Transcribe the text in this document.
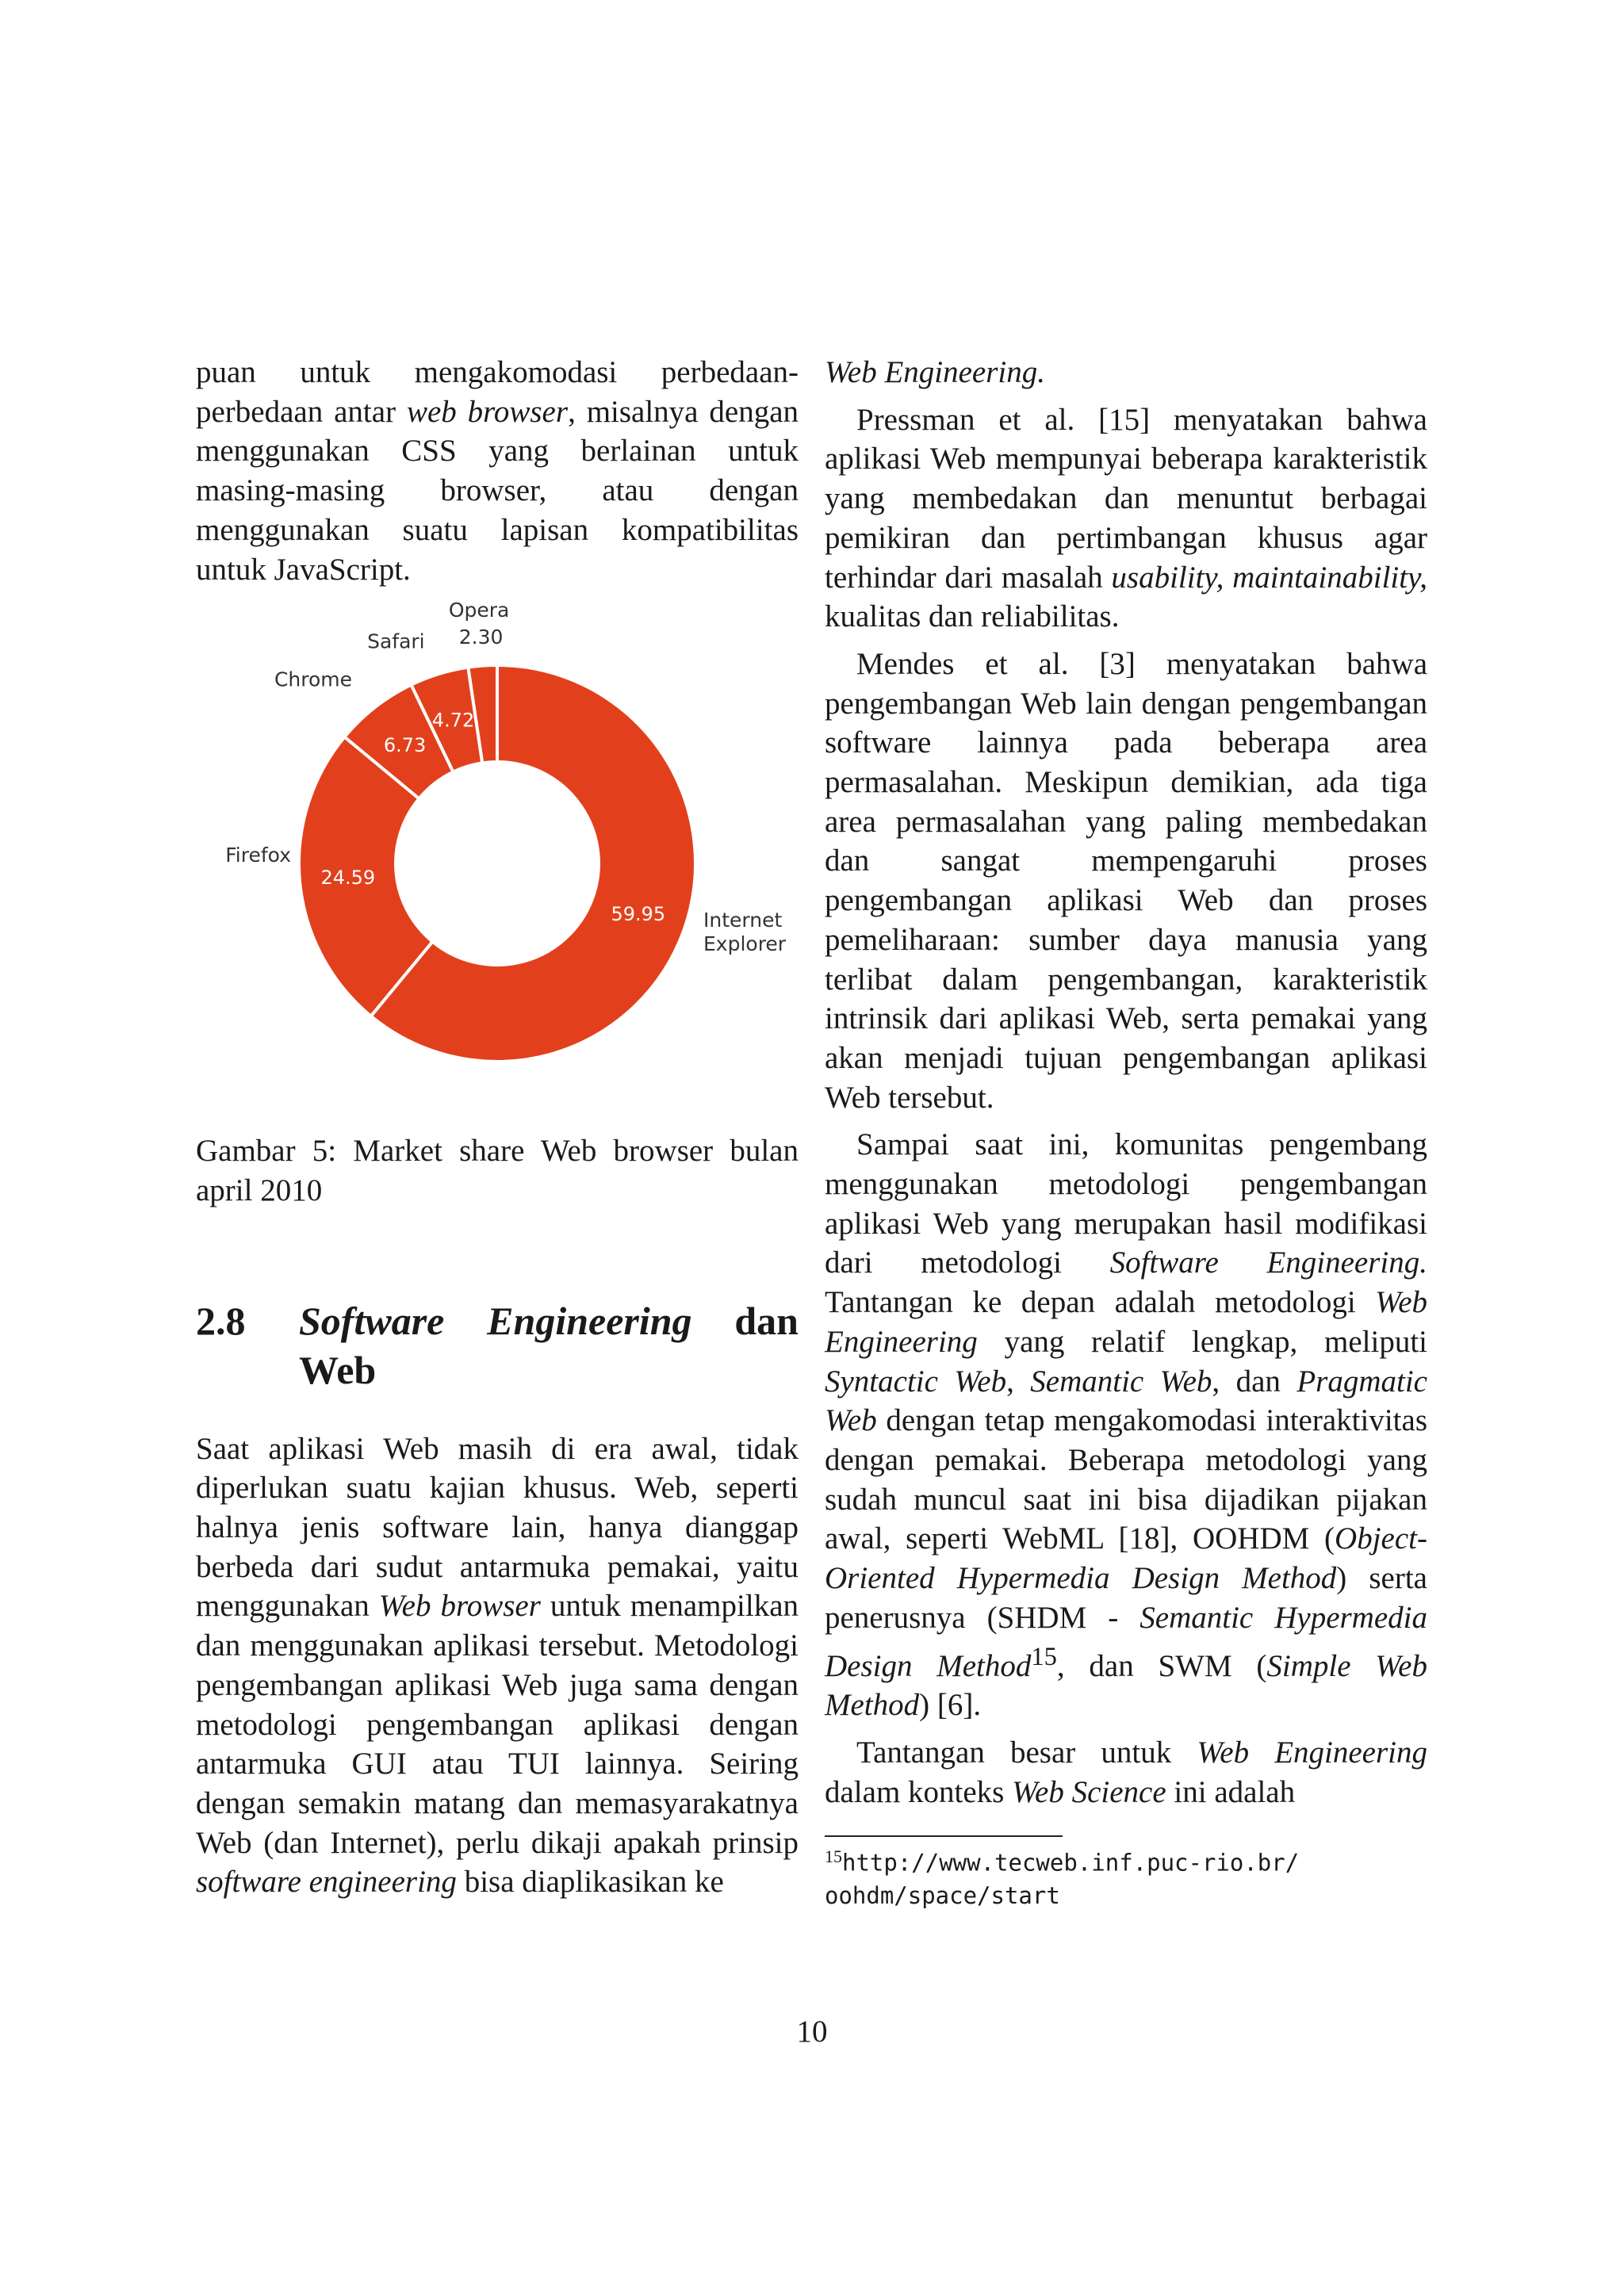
puan untuk mengakomodasi perbedaan-perbedaan antar web browser, misalnya dengan menggunakan CSS yang berlainan untuk masing-masing browser, atau dengan menggunakan suatu lapisan kompatibilitas untuk JavaScript.

59.95 Internet Explorer
24.59
Firefox
6.73
Chrome
4.72
Safari 2.30
Opera

Gambar 5: Market share Web browser bulan april 2010

2.8	Software Engineering dan Web

Saat aplikasi Web masih di era awal, tidak diperlukan suatu kajian khusus. Web, seperti halnya jenis software lain, hanya dianggap berbeda dari sudut antarmuka pemakai, yaitu menggunakan Web browser untuk menampilkan dan menggunakan aplikasi tersebut. Metodologi pengembangan aplikasi Web juga sama dengan metodologi pengembangan aplikasi dengan antarmuka GUI atau TUI lainnya. Seiring dengan semakin matang dan memasyarakatnya Web (dan Internet), perlu dikaji apakah prinsip software engineering bisa diaplikasikan ke

Web Engineering.

Pressman et al. [15] menyatakan bahwa aplikasi Web mempunyai beberapa karakteristik yang membedakan dan menuntut berbagai pemikiran dan pertimbangan khusus agar terhindar dari masalah usability, maintainability, kualitas dan reliabilitas.

Mendes et al. [3] menyatakan bahwa pengembangan Web lain dengan pengembangan software lainnya pada beberapa area permasalahan. Meskipun demikian, ada tiga area permasalahan yang paling membedakan dan sangat mempengaruhi proses pengembangan aplikasi Web dan proses pemeliharaan: sumber daya manusia yang terlibat dalam pengembangan, karakteristik intrinsik dari aplikasi Web, serta pemakai yang akan menjadi tujuan pengembangan aplikasi Web tersebut.

Sampai saat ini, komunitas pengembang menggunakan metodologi pengembangan aplikasi Web yang merupakan hasil modifikasi dari metodologi Software Engineering. Tantangan ke depan adalah metodologi Web Engineering yang relatif lengkap, meliputi Syntactic Web, Semantic Web, dan Pragmatic Web dengan tetap mengakomodasi interaktivitas dengan pemakai. Beberapa metodologi yang sudah muncul saat ini bisa dijadikan pijakan awal, seperti WebML [18], OOHDM (Object-Oriented Hypermedia Design Method) serta penerusnya (SHDM - Semantic Hypermedia Design Method$^{15}$, dan SWM (Simple Web Method) [6].

Tantangan besar untuk Web Engineering dalam konteks Web Science ini adalah

$^{15}$http://www.tecweb.inf.puc-rio.br/ oohdm/space/start

10
